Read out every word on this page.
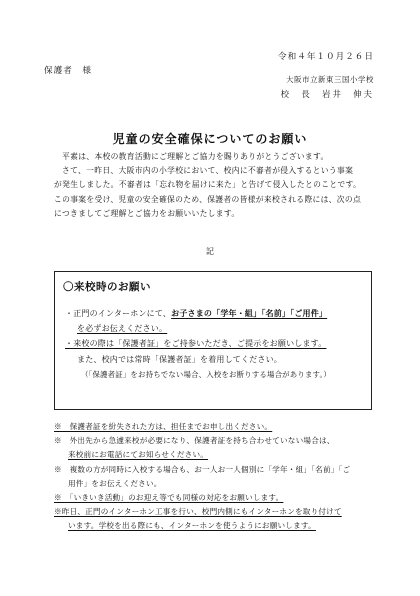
保護者　様
令和４年１０月２６日
大阪市立新東三国小学校
校　長　岩井　伸夫
児童の安全確保についてのお願い

平素は、本校の教育活動にご理解とご協力を賜りありがとうございます。

さて、一昨日、大阪市内の小学校において、校内に不審者が侵入するという事案

が発生しました。不審者は「忘れ物を届けに来た」と告げて侵入したとのことです。

この事案を受け、児童の安全確保のため、保護者の皆様が来校される際には、次の点

につきましてご理解とご協力をお願いいたします。

記
〇来校時のお願い

・正門のインターホンにて、お子さまの「学年・組」「名前」「ご用件」

を必ずお伝えください。

・来校の際は「保護者証」をご持参いただき、ご提示をお願いします。

また、校内では常時「保護者証」を着用してください。

（「保護者証」をお持ちでない場合、入校をお断りする場合があります。）

※　保護者証を紛失された方は、担任までお申し出ください。

※　外出先から急遽来校が必要になり、保護者証を持ち合わせていない場合は、

来校前にお電話にてお知らせください。

※　複数の方が同時に入校する場合も、お一人お一人個別に「学年・組」「名前」「ご

用件」をお伝えください。

※　「いきいき活動」のお迎え等でも同様の対応をお願いします。

※昨日、正門のインターホン工事を行い、校門内側にもインターホンを取り付けて

います。学校を出る際にも、インターホンを使うようにお願いします。
